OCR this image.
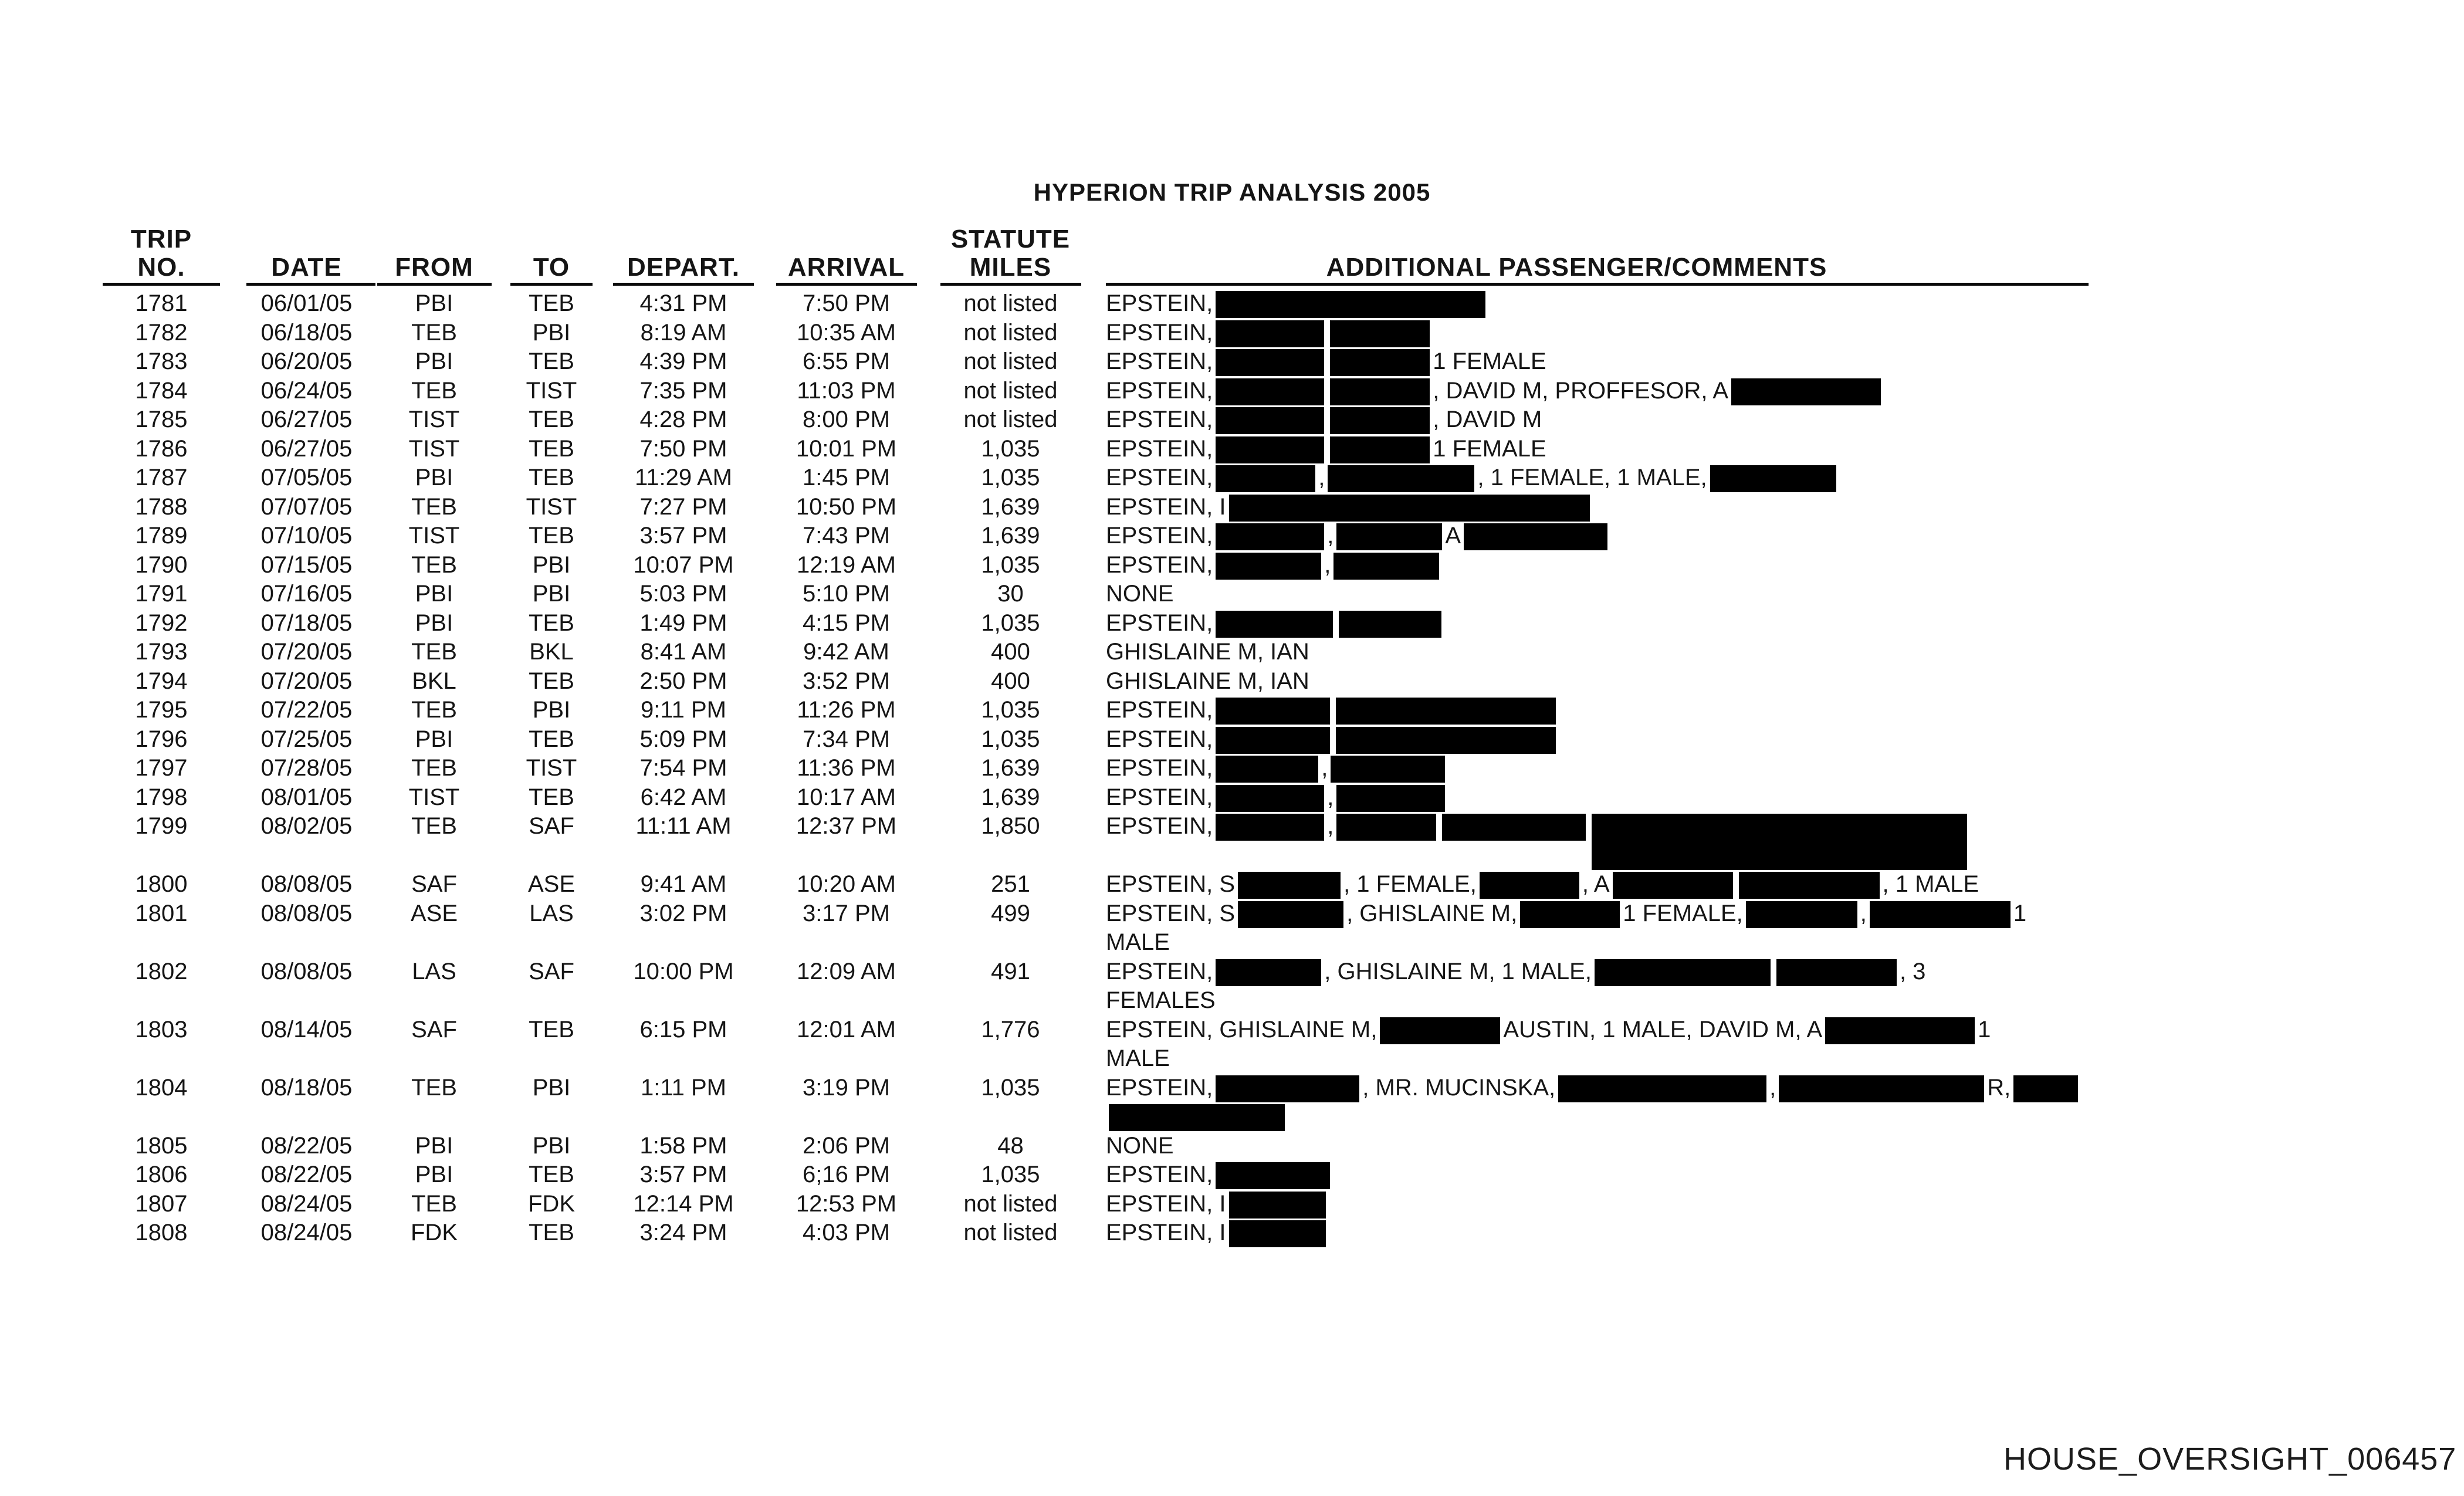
HYPERION TRIP ANALYSIS 2005
TRIP	STATUTE
NO.	DATE	FROM	TO	DEPART.	ARRIVAL	MILES	ADDITIONAL PASSENGER/COMMENTS
1781	06/01/05	PBI	TEB	4:31 PM	7:50 PM	not listed	EPSTEIN,
1782	06/18/05	TEB	PBI	8:19 AM	10:35 AM	not listed	EPSTEIN,
1783	06/20/05	PBI	TEB	4:39 PM	6:55 PM	not listed	EPSTEIN,	1 FEMALE
1784	06/24/05	TEB	TIST	7:35 PM	11:03 PM	not listed	EPSTEIN,	, DAVID M, PROFFESOR, A
1785	06/27/05	TIST	TEB	4:28 PM	8:00 PM	not listed	EPSTEIN,	, DAVID M
1786	06/27/05	TIST	TEB	7:50 PM	10:01 PM	1,035	EPSTEIN,	1 FEMALE
1787	07/05/05	PBI	TEB	11:29 AM	1:45 PM	1,035	EPSTEIN,	,	, 1 FEMALE, 1 MALE,
1788	07/07/05	TEB	TIST	7:27 PM	10:50 PM	1,639	EPSTEIN, I
1789	07/10/05	TIST	TEB	3:57 PM	7:43 PM	1,639	EPSTEIN,	,	A
1790	07/15/05	TEB	PBI	10:07 PM	12:19 AM	1,035	EPSTEIN,	,
1791	07/16/05	PBI	PBI	5:03 PM	5:10 PM	30	NONE
1792	07/18/05	PBI	TEB	1:49 PM	4:15 PM	1,035	EPSTEIN,
1793	07/20/05	TEB	BKL	8:41 AM	9:42 AM	400	GHISLAINE M, IAN
1794	07/20/05	BKL	TEB	2:50 PM	3:52 PM	400	GHISLAINE M, IAN
1795	07/22/05	TEB	PBI	9:11 PM	11:26 PM	1,035	EPSTEIN,
1796	07/25/05	PBI	TEB	5:09 PM	7:34 PM	1,035	EPSTEIN,
1797	07/28/05	TEB	TIST	7:54 PM	11:36 PM	1,639	EPSTEIN,	,
1798	08/01/05	TIST	TEB	6:42 AM	10:17 AM	1,639	EPSTEIN,	,
1799	08/02/05	TEB	SAF	11:11 AM	12:37 PM	1,850	EPSTEIN,	,
1800	08/08/05	SAF	ASE	9:41 AM	10:20 AM	251	EPSTEIN, S	, 1 FEMALE,	, A	, 1 MALE
1801	08/08/05	ASE	LAS	3:02 PM	3:17 PM	499	EPSTEIN, S	, GHISLAINE M,	1 FEMALE,	,	1
MALE
1802	08/08/05	LAS	SAF	10:00 PM	12:09 AM	491	EPSTEIN,	, GHISLAINE M, 1 MALE,	, 3
FEMALES
1803	08/14/05	SAF	TEB	6:15 PM	12:01 AM	1,776	EPSTEIN, GHISLAINE M,	AUSTIN, 1 MALE, DAVID M, A	1
MALE
1804	08/18/05	TEB	PBI	1:11 PM	3:19 PM	1,035	EPSTEIN,	, MR. MUCINSKA,	,	R,
1805	08/22/05	PBI	PBI	1:58 PM	2:06 PM	48	NONE
1806	08/22/05	PBI	TEB	3:57 PM	6;16 PM	1,035	EPSTEIN,
1807	08/24/05	TEB	FDK	12:14 PM	12:53 PM	not listed	EPSTEIN, I
1808	08/24/05	FDK	TEB	3:24 PM	4:03 PM	not listed	EPSTEIN, I
HOUSE_OVERSIGHT_006457
